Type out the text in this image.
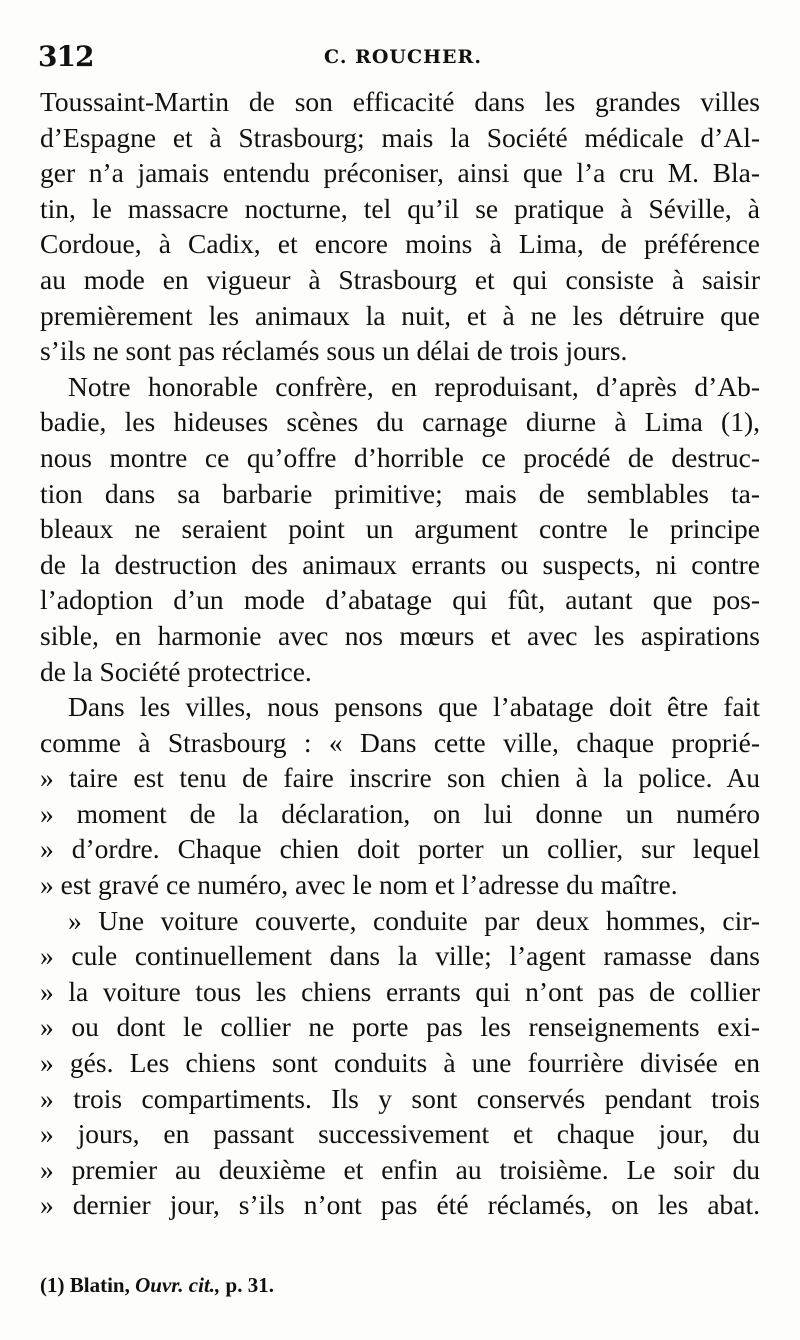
312	C. ROUCHER.
Toussaint-Martin de son efficacité dans les grandes villes
d’Espagne et à Strasbourg; mais la Société médicale d’Al-
ger n’a jamais entendu préconiser, ainsi que l’a cru M. Bla-
tin, le massacre nocturne, tel qu’il se pratique à Séville, à
Cordoue, à Cadix, et encore moins à Lima, de préférence
au mode en vigueur à Strasbourg et qui consiste à saisir
premièrement les animaux la nuit, et à ne les détruire que
s’ils ne sont pas réclamés sous un délai de trois jours.
Notre honorable confrère, en reproduisant, d’après d’Ab-
badie, les hideuses scènes du carnage diurne à Lima (1),
nous montre ce qu’offre d’horrible ce procédé de destruc-
tion dans sa barbarie primitive; mais de semblables ta-
bleaux ne seraient point un argument contre le principe
de la destruction des animaux errants ou suspects, ni contre
l’adoption d’un mode d’abatage qui fût, autant que pos-
sible, en harmonie avec nos mœurs et avec les aspirations
de la Société protectrice.
Dans les villes, nous pensons que l’abatage doit être fait
comme à Strasbourg : « Dans cette ville, chaque proprié-
» taire est tenu de faire inscrire son chien à la police. Au
» moment de la déclaration, on lui donne un numéro
» d’ordre. Chaque chien doit porter un collier, sur lequel
» est gravé ce numéro, avec le nom et l’adresse du maître.
» Une voiture couverte, conduite par deux hommes, cir-
» cule continuellement dans la ville; l’agent ramasse dans
» la voiture tous les chiens errants qui n’ont pas de collier
» ou dont le collier ne porte pas les renseignements exi-
» gés. Les chiens sont conduits à une fourrière divisée en
» trois compartiments. Ils y sont conservés pendant trois
» jours, en passant successivement et chaque jour, du
» premier au deuxième et enfin au troisième. Le soir du
» dernier jour, s’ils n’ont pas été réclamés, on les abat.
(1) Blatin, Ouvr. cit., p. 31.
